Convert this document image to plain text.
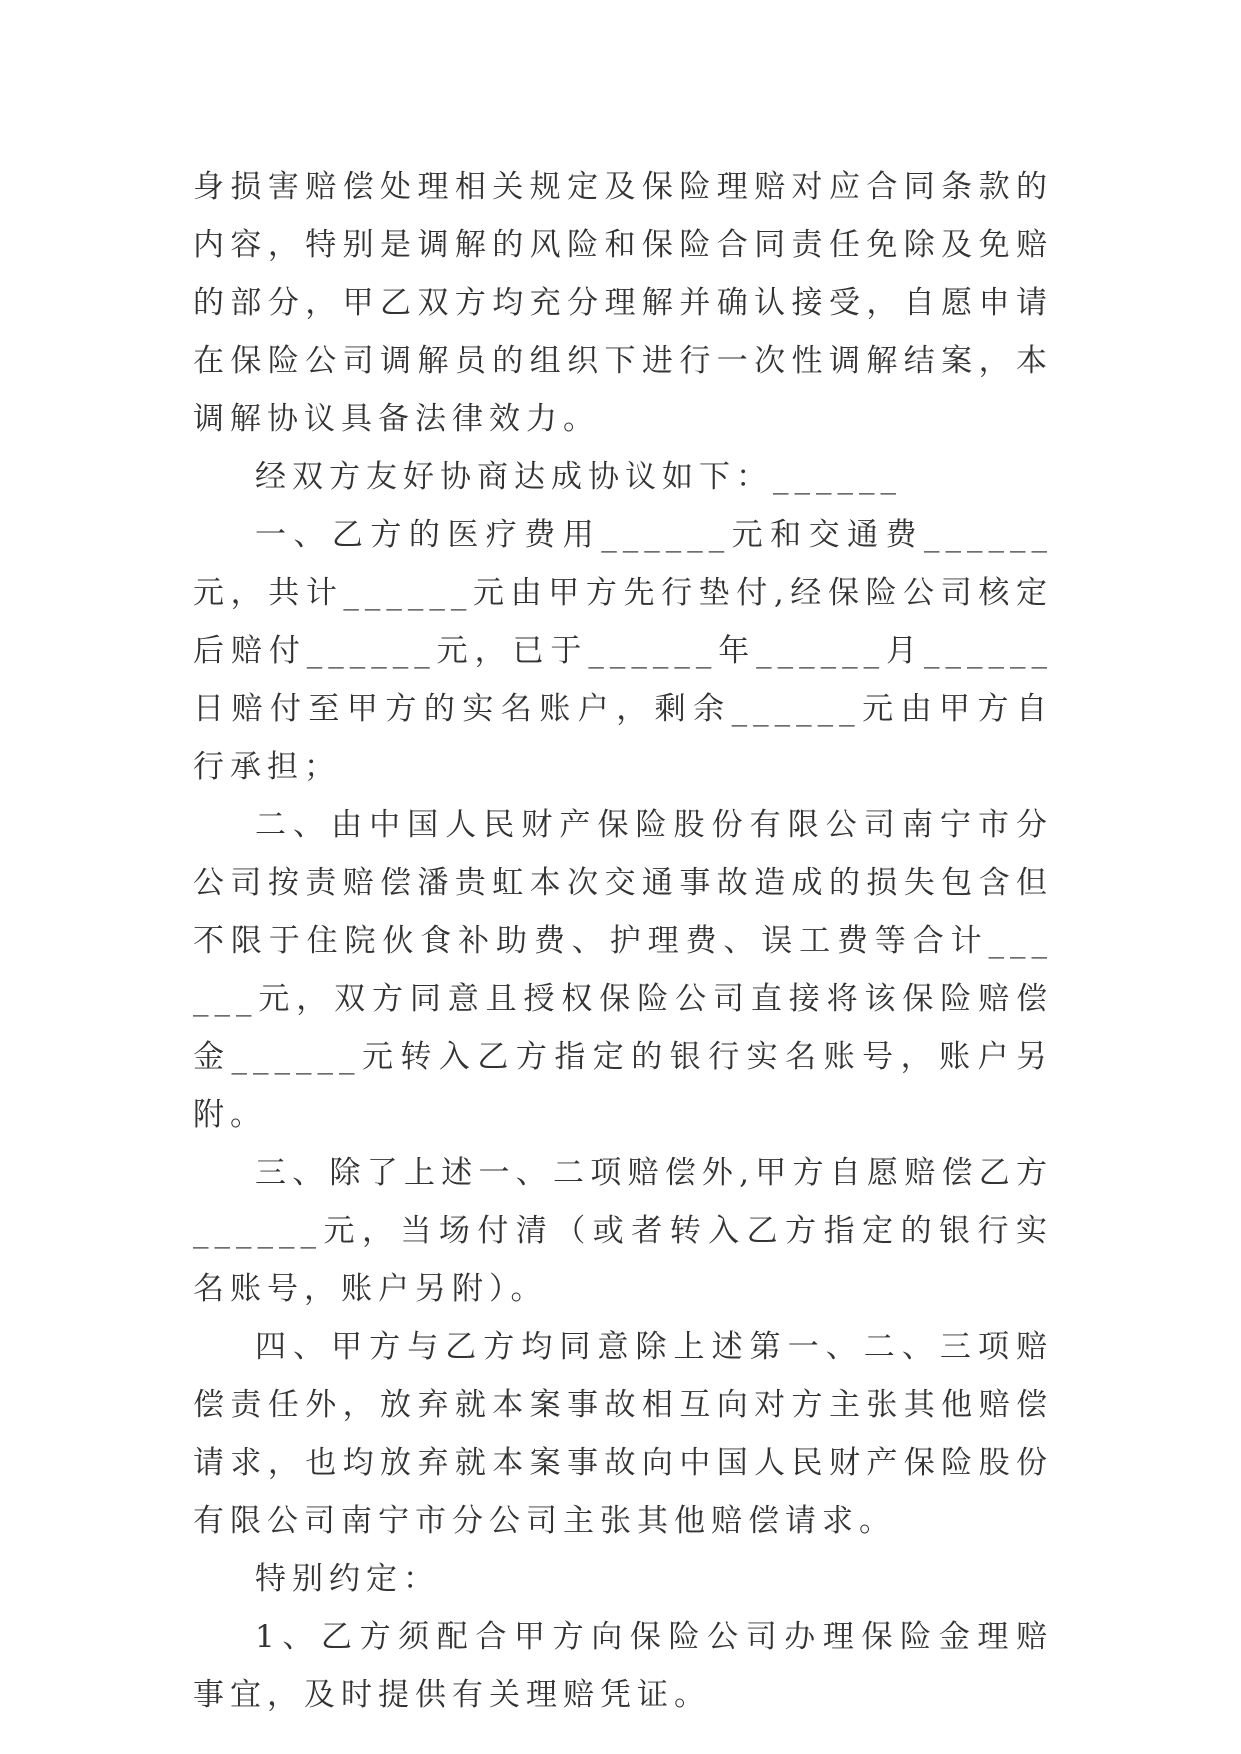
身损害赔偿处理相关规定及保险理赔对应合同条款的内容，特别是调解的风险和保险合同责任免除及免赔的部分，甲乙双方均充分理解并确认接受，自愿申请在保险公司调解员的组织下进行一次性调解结案，本调解协议具备法律效力。

经双方友好协商达成协议如下：______

一、乙方的医疗费用______元和交通费______元，共计______元由甲方先行垫付,经保险公司核定后赔付______元，已于______年______月______日赔付至甲方的实名账户，剩余______元由甲方自行承担；

二、由中国人民财产保险股份有限公司南宁市分公司按责赔偿潘贵虹本次交通事故造成的损失包含但不限于住院伙食补助费、护理费、误工费等合计______元，双方同意且授权保险公司直接将该保险赔偿金______元转入乙方指定的银行实名账号，账户另附。

三、除了上述一、二项赔偿外,甲方自愿赔偿乙方______元，当场付清（或者转入乙方指定的银行实名账号，账户另附）。

四、甲方与乙方均同意除上述第一、二、三项赔偿责任外，放弃就本案事故相互向对方主张其他赔偿请求，也均放弃就本案事故向中国人民财产保险股份有限公司南宁市分公司主张其他赔偿请求。

特别约定：

1、乙方须配合甲方向保险公司办理保险金理赔事宜，及时提供有关理赔凭证。
